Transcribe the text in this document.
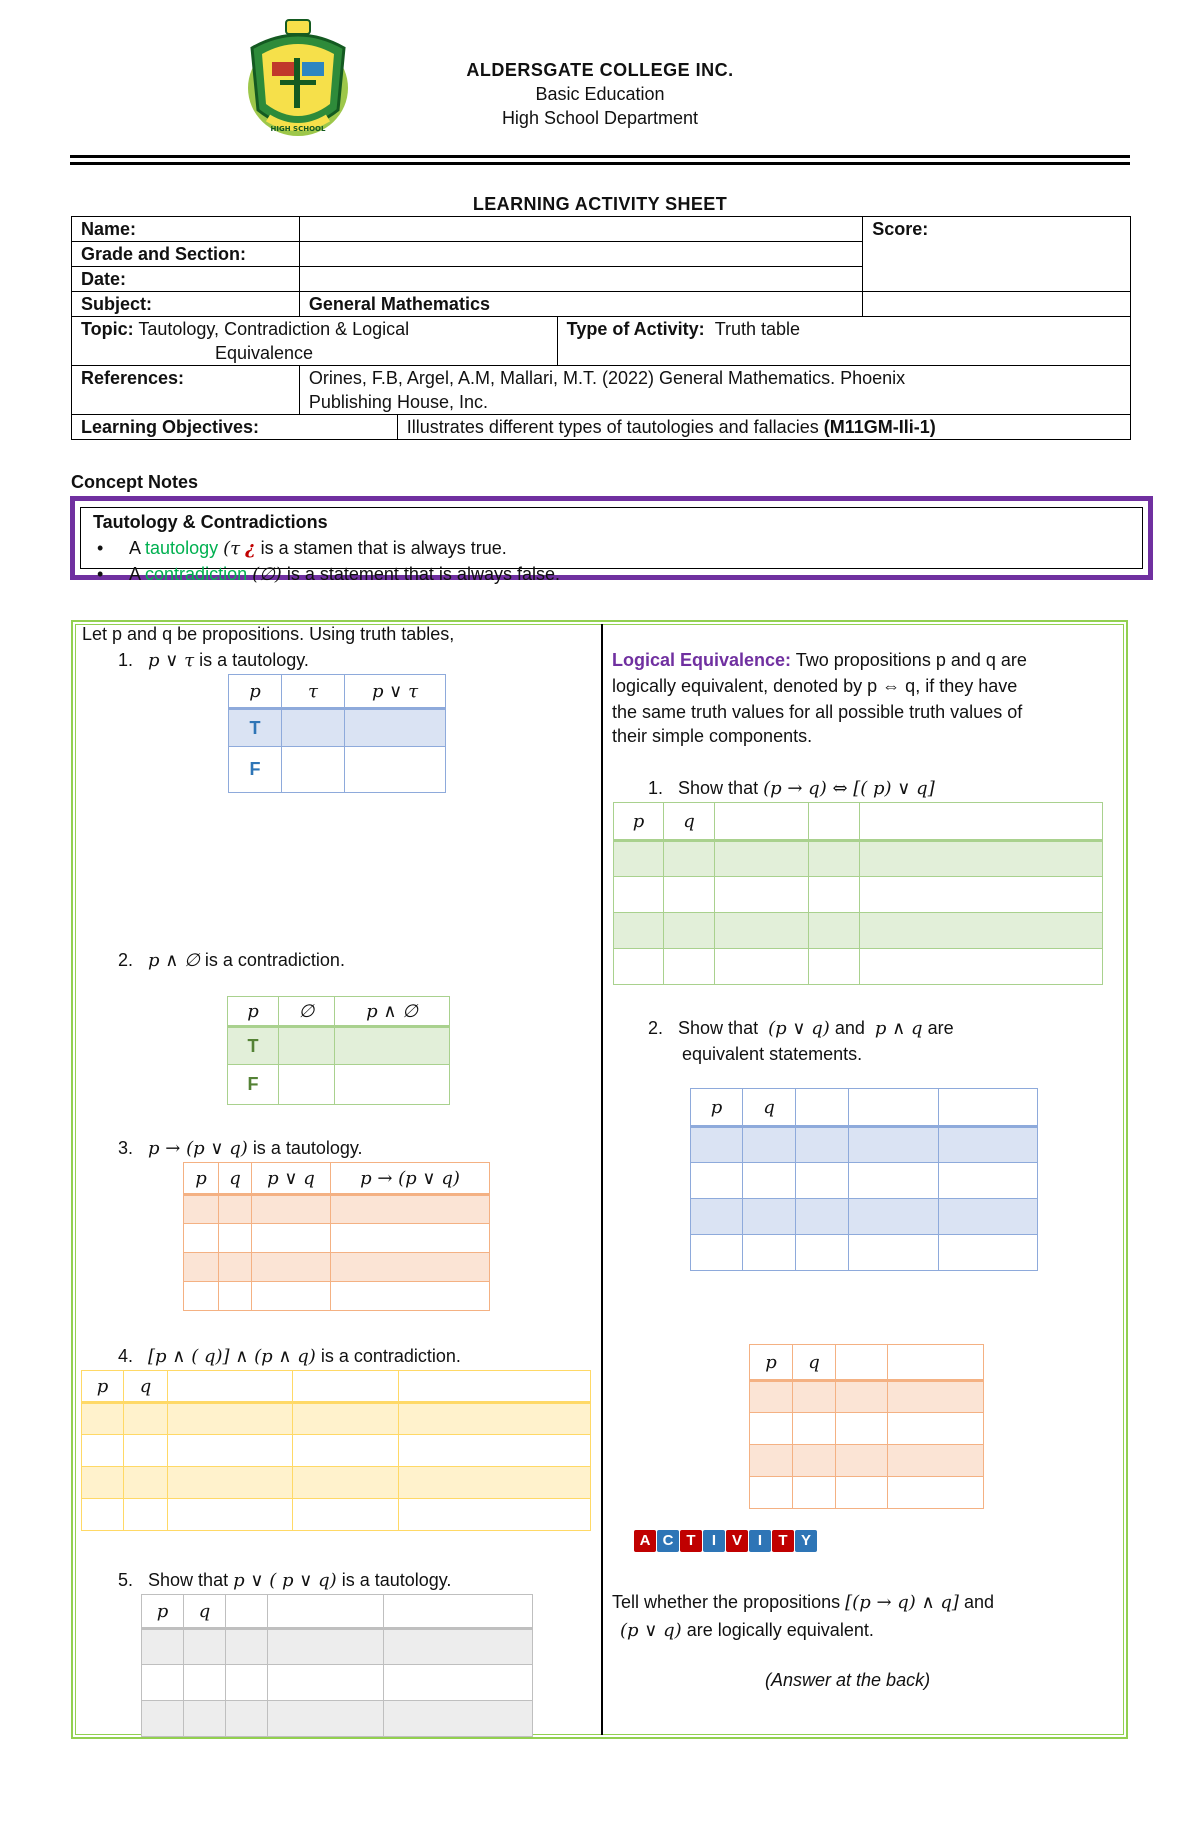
HIGH SCHOOL
ALDERSGATE COLLEGE INC.
Basic Education
High School Department
LEARNING ACTIVITY SHEET
Name:				Score:
Grade and Section:				
Date:				
Subject:	General Mathematics			
Topic: Tautology, Contradiction & Logical
Equivalence			Type of Activity: Truth table	
References:	Orines, F.B, Argel, A.M, Mallari, M.T. (2022) General Mathematics. Phoenix
Publishing House, Inc.			
Learning Objectives:		Illustrates different types of tautologies and fallacies (M11GM-Ili-1)		
Concept Notes
Tautology & Contradictions
• A tautology (τ ¿ is a stamen that is always true.
• A contradiction (∅) is a statement that is always false.
Let p and q be propositions. Using truth tables,
1. p ∨ τ is a tautology.
p	τ	p ∨ τ
T		
F		
2. p ∧ ∅ is a contradiction.
p	∅	p ∧ ∅
T		
F		
3. p → (p ∨ q) is a tautology.
p	q	p ∨ q	p → (p ∨ q)

4. [p ∧ ( q)] ∧ (p ∧ q) is a contradiction.
p	q			

5. Show that p ∨ ( p ∨ q) is a tautology.
p	q			

Logical Equivalence: Two propositions p and q are
logically equivalent, denoted by p ⇔ q, if they have
the same truth values for all possible truth values of
their simple components.
1. Show that (p → q) ⇔ [( p) ∨ q]
p	q			

2. Show that (p ∨ q) and p ∧ q are
equivalent statements.
p	q			

p	q		

A C T I V I T Y
Tell whether the propositions [(p → q) ∧ q] and
(p ∨ q) are logically equivalent.
(Answer at the back)
